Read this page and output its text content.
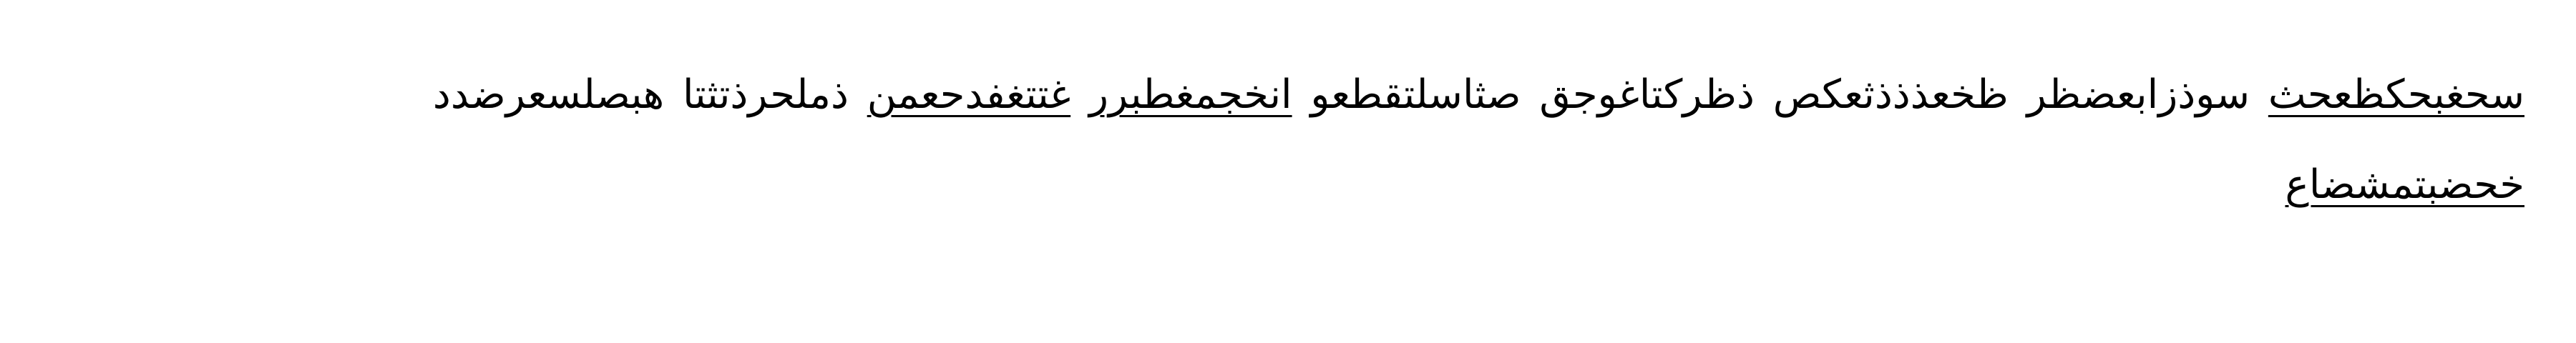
سحغبحكظعحث سوذزابعضظر ظخعذذذثعكص ذظرکتاغوجق صثاسلتقطعو انخجمغطبرر غتتغفدحعمن ذملحرذتثتا هبصلسعرضدد خحضبتمشضاع
